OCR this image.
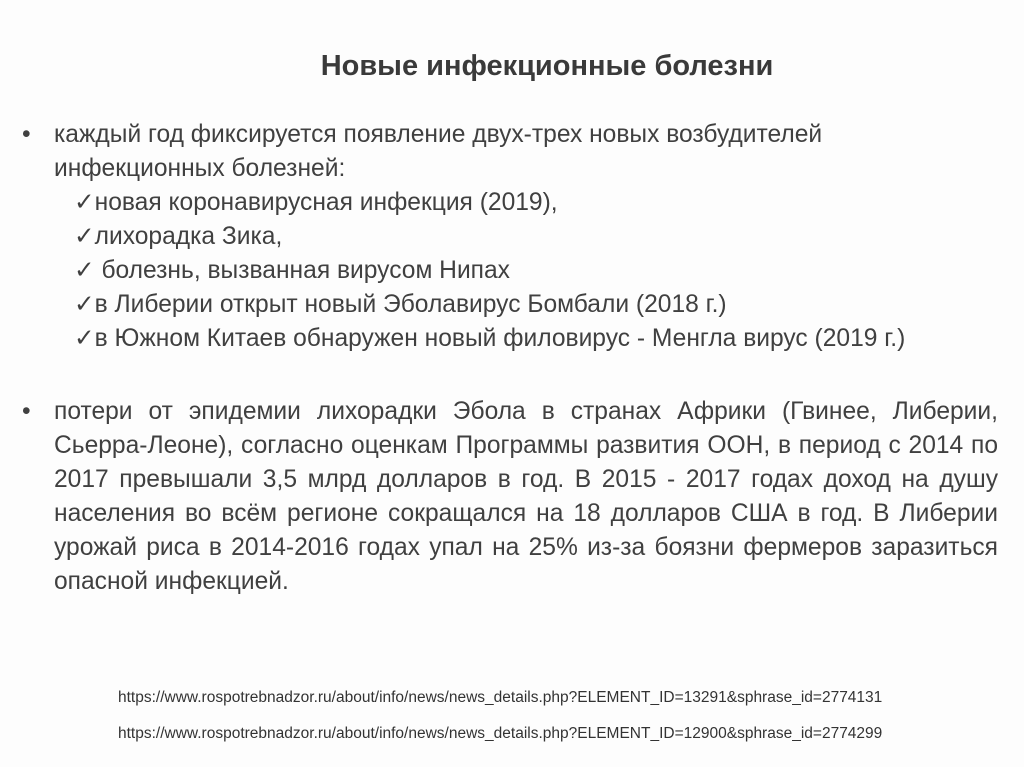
Новые инфекционные болезни
• каждый год фиксируется появление двух-трех новых возбудителей инфекционных болезней:
✓новая коронавирусная инфекция (2019),
✓лихорадка Зика,
✓ болезнь, вызванная вирусом Нипах
✓в Либерии открыт новый Эболавирус Бомбали (2018 г.)
✓в Южном Китаев обнаружен новый филовирус - Менгла вирус (2019 г.)
• потери от эпидемии лихорадки Эбола в странах Африки (Гвинее, Либерии, Сьерра-Леоне), согласно оценкам Программы развития ООН, в период с 2014 по 2017 превышали 3,5 млрд долларов в год. В 2015 - 2017 годах доход на душу населения во всём регионе сокращался на 18 долларов США в год. В Либерии урожай риса в 2014-2016 годах упал на 25% из-за боязни фермеров заразиться опасной инфекцией.
https://www.rospotrebnadzor.ru/about/info/news/news_details.php?ELEMENT_ID=13291&sphrase_id=2774131
https://www.rospotrebnadzor.ru/about/info/news/news_details.php?ELEMENT_ID=12900&sphrase_id=2774299
